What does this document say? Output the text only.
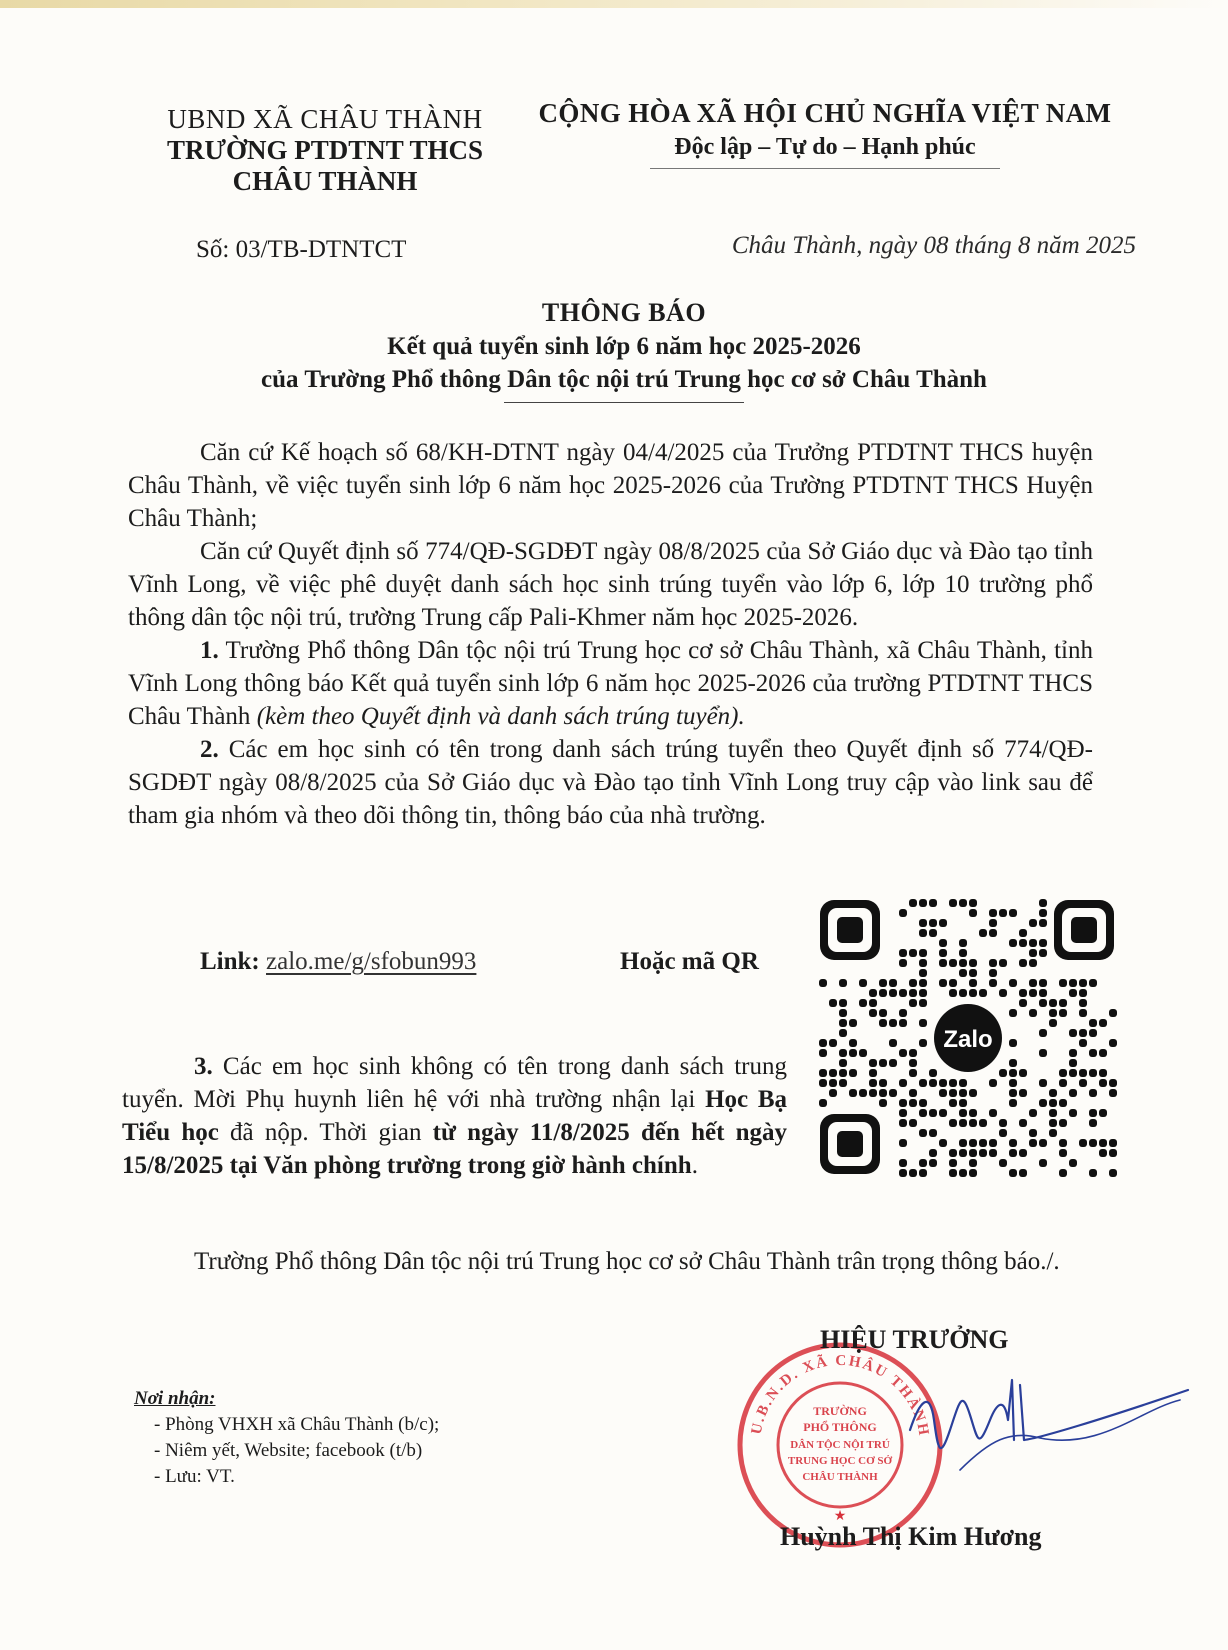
UBND XÃ CHÂU THÀNH
TRƯỜNG PTDTNT THCS
CHÂU THÀNH
CỘNG HÒA XÃ HỘI CHỦ NGHĨA VIỆT NAM
Độc lập – Tự do – Hạnh phúc
Số: 03/TB-DTNTCT	Châu Thành, ngày 08 tháng 8 năm 2025
THÔNG BÁO
Kết quả tuyển sinh lớp 6 năm học 2025-2026
của Trường Phổ thông Dân tộc nội trú Trung học cơ sở Châu Thành

Căn cứ Kế hoạch số 68/KH-DTNT ngày 04/4/2025 của Trưởng PTDTNT THCS huyện Châu Thành, về việc tuyển sinh lớp 6 năm học 2025-2026 của Trường PTDTNT THCS Huyện Châu Thành;

Căn cứ Quyết định số 774/QĐ-SGDĐT ngày 08/8/2025 của Sở Giáo dục và Đào tạo tỉnh Vĩnh Long, về việc phê duyệt danh sách học sinh trúng tuyển vào lớp 6, lớp 10 trường phổ thông dân tộc nội trú, trường Trung cấp Pali-Khmer năm học 2025-2026.

1. Trường Phổ thông Dân tộc nội trú Trung học cơ sở Châu Thành, xã Châu Thành, tỉnh Vĩnh Long thông báo Kết quả tuyển sinh lớp 6 năm học 2025-2026 của trường PTDTNT THCS Châu Thành (kèm theo Quyết định và danh sách trúng tuyển).

2. Các em học sinh có tên trong danh sách trúng tuyển theo Quyết định số 774/QĐ-SGDĐT ngày 08/8/2025 của Sở Giáo dục và Đào tạo tỉnh Vĩnh Long truy cập vào link sau để tham gia nhóm và theo dõi thông tin, thông báo của nhà trường.

Link: zalo.me/g/sfobun993	Hoặc mã QR
Zalo

3. Các em học sinh không có tên trong danh sách trung tuyển. Mời Phụ huynh liên hệ với nhà trường nhận lại Học Bạ Tiểu học đã nộp. Thời gian từ ngày 11/8/2025 đến hết ngày 15/8/2025 tại Văn phòng trường trong giờ hành chính.

Trường Phổ thông Dân tộc nội trú Trung học cơ sở Châu Thành trân trọng thông báo./.

Nơi nhận:
- Phòng VHXH xã Châu Thành (b/c);
- Niêm yết, Website; facebook (t/b)
- Lưu: VT.
U.B.N.D. XÃ CHÂU THÀNH
TRƯỜNG
PHỔ THÔNG
DÂN TỘC NỘI TRÚ
TRUNG HỌC CƠ SỞ
CHÂU THÀNH
★
HIỆU TRƯỞNG
Huỳnh Thị Kim Hương
